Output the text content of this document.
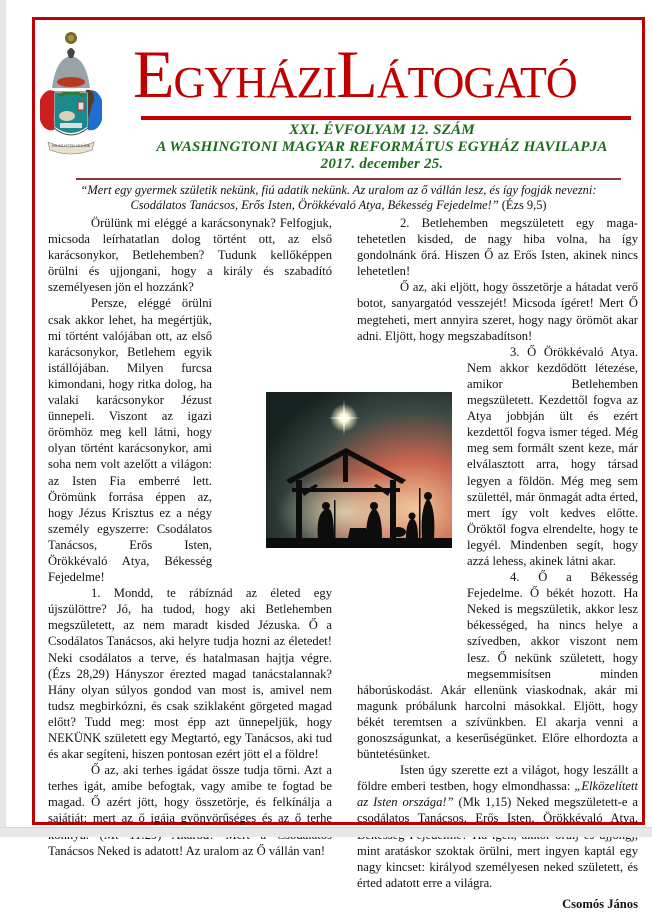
HA AZ ISTEN VELÜNK
EGYHÁZILÁTOGATÓ
XXI. ÉVFOLYAM 12. SZÁM
A WASHINGTONI MAGYAR REFORMÁTUS EGYHÁZ HAVILAPJA
2017. december 25.
“Mert egy gyermek születik nekünk, fiú adatik nekünk. Az uralom az ő vállán lesz, és így fogják nevezni:
Csodálatos Tanácsos, Erős Isten, Örökkévaló Atya, Békesség Fejedelme!” (Ézs 9,5)

Örülünk mi eléggé a karácsonynak? Felfogjuk, micsoda leírhatatlan dolog történt ott, az első karácsonykor, Betlehemben? Tudunk kellőképpen örülni és ujjongani, hogy a király és szabadító személyesen jön el hozzánk?

Persze, eléggé örülni csak akkor lehet, ha megértjük, mi történt valójában ott, az első karácsonykor, Betlehem egyik istállójában. Milyen furcsa kimondani, hogy ritka dolog, ha valaki karácsonykor Jézust ünnepeli. Viszont az igazi örömhöz meg kell látni, hogy olyan történt karácsonykor, ami soha nem volt azelőtt a világon: az Isten Fia emberré lett. Örömünk forrása éppen az, hogy Jézus Krisztus ez a négy személy egyszerre: Csodálatos Tanácsos, Erős Isten, Örökkévaló Atya, Békesség Fejedelme!

1. Mondd, te rábíznád az életed egy újszülöttre? Jó, ha tudod, hogy aki Betlehemben megszületett, az nem maradt kisded Jézuska. Ő a Csodálatos Tanácsos, aki helyre tudja hozni az életedet! Neki csodálatos a terve, és hatalmasan hajtja végre. (Ézs 28,29) Hányszor érezted magad tanácstalannak? Hány olyan súlyos gondod van most is, amivel nem tudsz megbirkózni, és csak sziklaként görgeted magad előtt? Tudd meg: most épp azt ünnepeljük, hogy NEKÜNK született egy Megtartó, egy Tanácsos, aki tud és akar segíteni, hiszen pontosan ezért jött el a földre!

Ő az, aki terhes igádat össze tudja törni. Azt a terhes igát, amibe befogtak, vagy amibe te fogtad be magad. Ő azért jött, hogy összetörje, és felkínálja a sajátját: mert az ő igája gyönyörűséges és az ő terhe Tanácsos Neked is adatott! Az uralom az Ő vállán van!

2. Betlehemben megszületett egy maga-tehetetlen kisded, de nagy hiba volna, ha így gondolnánk őrá. Hiszen Ő az Erős Isten, akinek nincs lehetetlen!

Ő az, aki eljött, hogy összetörje a hátadat verő botot, sanyargatód vesszejét! Micsoda ígéret! Mert Ő megteheti, mert annyira szeret, hogy nagy örömöt akar adni. Eljött, hogy megszabadítson!

3. Ő Örökkévaló Atya. Nem akkor kezdődött létezése, amikor Betlehemben megszületett. Kezdettől fogva az Atya jobbján ült és ezért kezdettől fogva ismer téged. Még meg sem formált szent keze, már elválasztott arra, hogy társad legyen a földön. Még meg sem születtél, már önmagát adta érted, mert így volt kedves előtte. Öröktől fogva elrendelte, hogy te legyél. Mindenben segít, hogy azzá lehess, akinek látni akar.

4. Ő a Békesség Fejedelme. Ő békét hozott. Ha Neked is megszületik, akkor lesz békességed, ha nincs helye a szívedben, akkor viszont nem lesz. Ő nekünk született, hogy megsemmisítsen minden háborúskodást. Akár ellenünk viaskodnak, akár mi magunk próbálunk harcolni másokkal. Eljött, hogy békét teremtsen a szívünkben. El akarja venni a gonoszságunkat, a keserűségünket. Előre elhordozta a büntetésünket.

Isten úgy szerette ezt a világot, hogy leszállt a földre emberi testben, hogy elmondhassa: „Elközelített az Isten országa!” (Mk 1,15) Neked megszületett-e a csodálatos Tanácsos, Erős Isten, Örökkévaló Atya, mint aratáskor szoktak örülni, mert ingyen kaptál egy nagy kincset: királyod személyesen neked született, és érted adatott erre a világra.

Csomós János
